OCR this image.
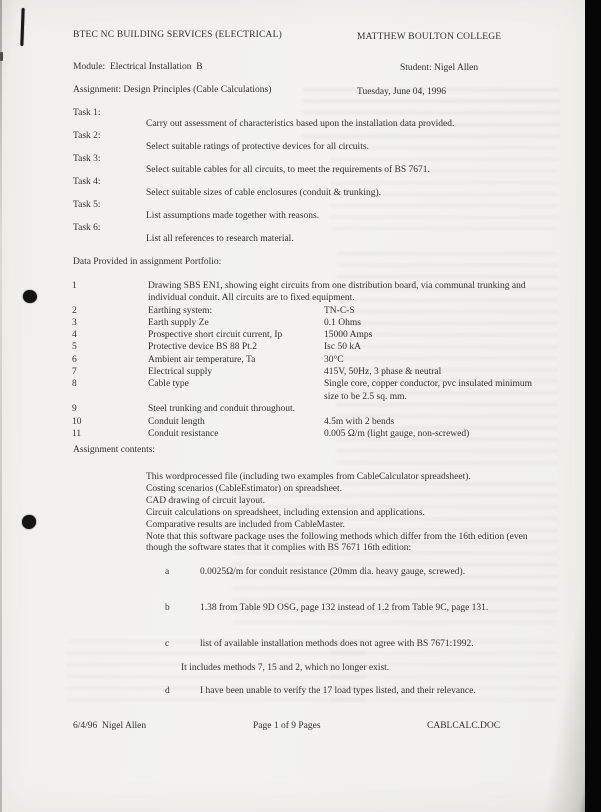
BTEC NC BUILDING SERVICES (ELECTRICAL)	MATTHEW BOULTON COLLEGE
Module:  Electrical Installation  B	Student: Nigel Allen
Assignment: Design Principles (Cable Calculations)	Tuesday, June 04, 1996
Task 1:
Carry out assessment of characteristics based upon the installation data provided.
Task 2:
Select suitable ratings of protective devices for all circuits.
Task 3:
Select suitable cables for all circuits, to meet the requirements of BS 7671.
Task 4:
Select suitable sizes of cable enclosures (conduit & trunking).
Task 5:
List assumptions made together with reasons.
Task 6:
List all references to research material.
Data Provided in assignment Portfolio:
1	Drawing SBS EN1, showing eight circuits from one distribution board, via communal trunking and individual conduit. All circuits are to fixed equipment.
2	Earthing system:	TN-C-S
3	Earth supply Ze	0.1 Ohms
4	Prospective short circuit current, Ip	15000 Amps
5	Protective device BS 88 Pt.2	Isc 50 kA
6	Ambient air temperature, Ta	30°C
7	Electrical supply	415V, 50Hz, 3 phase & neutral
8	Cable type	Single core, copper conductor, pvc insulated minimum size to be 2.5 sq. mm.
9	Steel trunking and conduit throughout.
10	Conduit length	4.5m with 2 bends
11	Conduit resistance	0.005 Ω/m (light gauge, non-screwed)
Assignment contents:
This wordprocessed file (including two examples from CableCalculator spreadsheet).
Costing scenarios (CableEstimator) on spreadsheet.
CAD drawing of circuit layout.
Circuit calculations on spreadsheet, including extension and applications.
Comparative results are included from CableMaster.
Note that this software package uses the following methods which differ from the 16th edition (even though the software states that it complies with BS 7671 16th edition:

a	0.0025Ω/m for conduit resistance (20mm dia. heavy gauge, screwed).

b	1.38 from Table 9D OSG, page 132 instead of 1.2 from Table 9C, page 131.

c	list of available installation methods does not agree with BS 7671:1992.

It includes methods 7, 15 and 2, which no longer exist.

d	I have been unable to verify the 17 load types listed, and their relevance.

6/4/96  Nigel Allen	Page 1 of 9 Pages	CABLCALC.DOC
